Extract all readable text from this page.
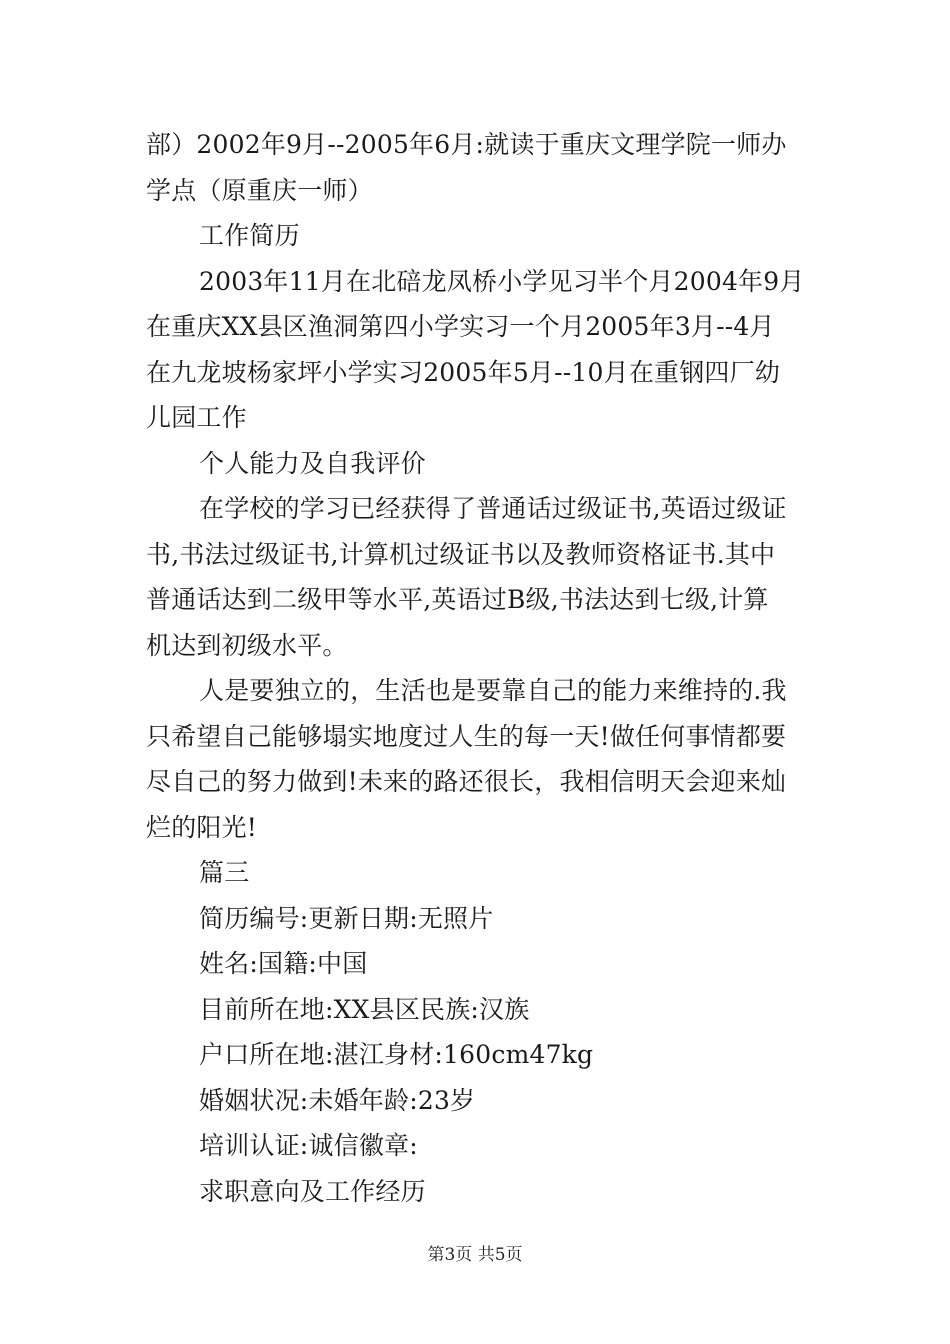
部）2002年9月--2005年6月:就读于重庆文理学院一师办
学点（原重庆一师）
工作简历
2003年11月在北碚龙凤桥小学见习半个月2004年9月
在重庆XX县区渔洞第四小学实习一个月2005年3月--4月
在九龙坡杨家坪小学实习2005年5月--10月在重钢四厂幼
儿园工作
个人能力及自我评价
在学校的学习已经获得了普通话过级证书,英语过级证
书,书法过级证书,计算机过级证书以及教师资格证书.其中
普通话达到二级甲等水平,英语过B级,书法达到七级,计算
机达到初级水平。
人是要独立的，生活也是要靠自己的能力来维持的.我
只希望自己能够塌实地度过人生的每一天!做任何事情都要
尽自己的努力做到!未来的路还很长，我相信明天会迎来灿
烂的阳光!
篇三
简历编号:更新日期:无照片
姓名:国籍:中国
目前所在地:XX县区民族:汉族
户口所在地:湛江身材:160cm47kg
婚姻状况:未婚年龄:23岁
培训认证:诚信徽章:
求职意向及工作经历
第3页 共5页
